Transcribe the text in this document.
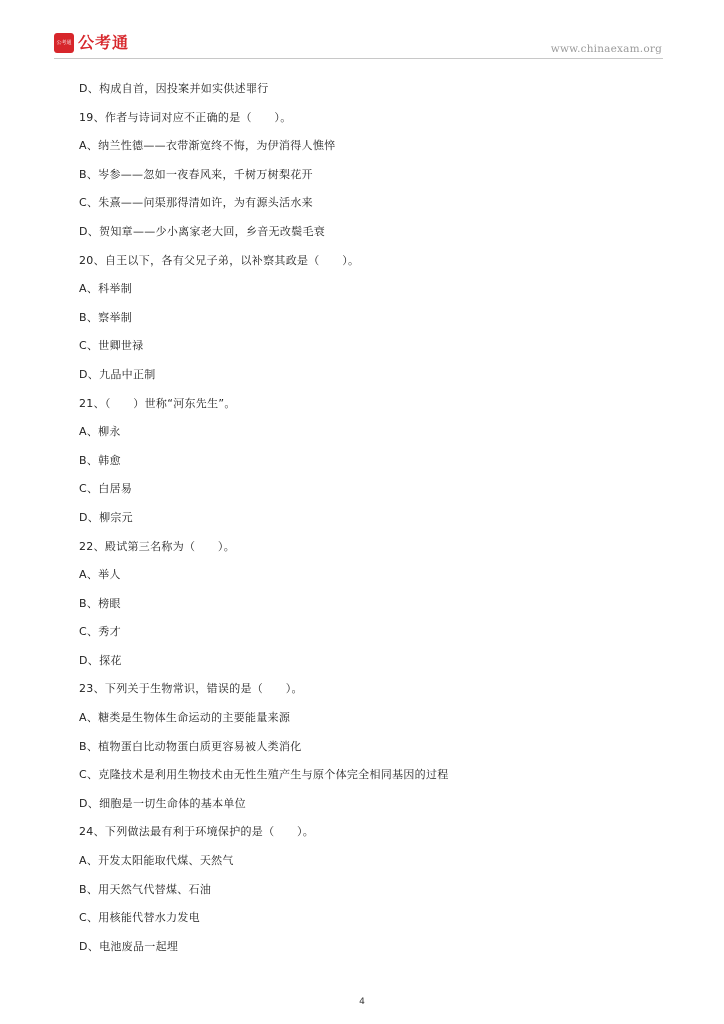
公考通 公考通	www.chinaexam.org
D、构成自首，因投案并如实供述罪行
19、作者与诗词对应不正确的是（　　）。
A、纳兰性德——衣带渐宽终不悔，为伊消得人憔悴
B、岑参——忽如一夜春风来，千树万树梨花开
C、朱熹——问渠那得清如许，为有源头活水来
D、贺知章——少小离家老大回，乡音无改鬓毛衰
20、自王以下，各有父兄子弟，以补察其政是（　　）。
A、科举制
B、察举制
C、世卿世禄
D、九品中正制
21、（　　）世称“河东先生”。
A、柳永
B、韩愈
C、白居易
D、柳宗元
22、殿试第三名称为（　　）。
A、举人
B、榜眼
C、秀才
D、探花
23、下列关于生物常识，错误的是（　　）。
A、糖类是生物体生命运动的主要能量来源
B、植物蛋白比动物蛋白质更容易被人类消化
C、克隆技术是利用生物技术由无性生殖产生与原个体完全相同基因的过程
D、细胞是一切生命体的基本单位
24、下列做法最有利于环境保护的是（　　）。
A、开发太阳能取代煤、天然气
B、用天然气代替煤、石油
C、用核能代替水力发电
D、电池废品一起埋
4
